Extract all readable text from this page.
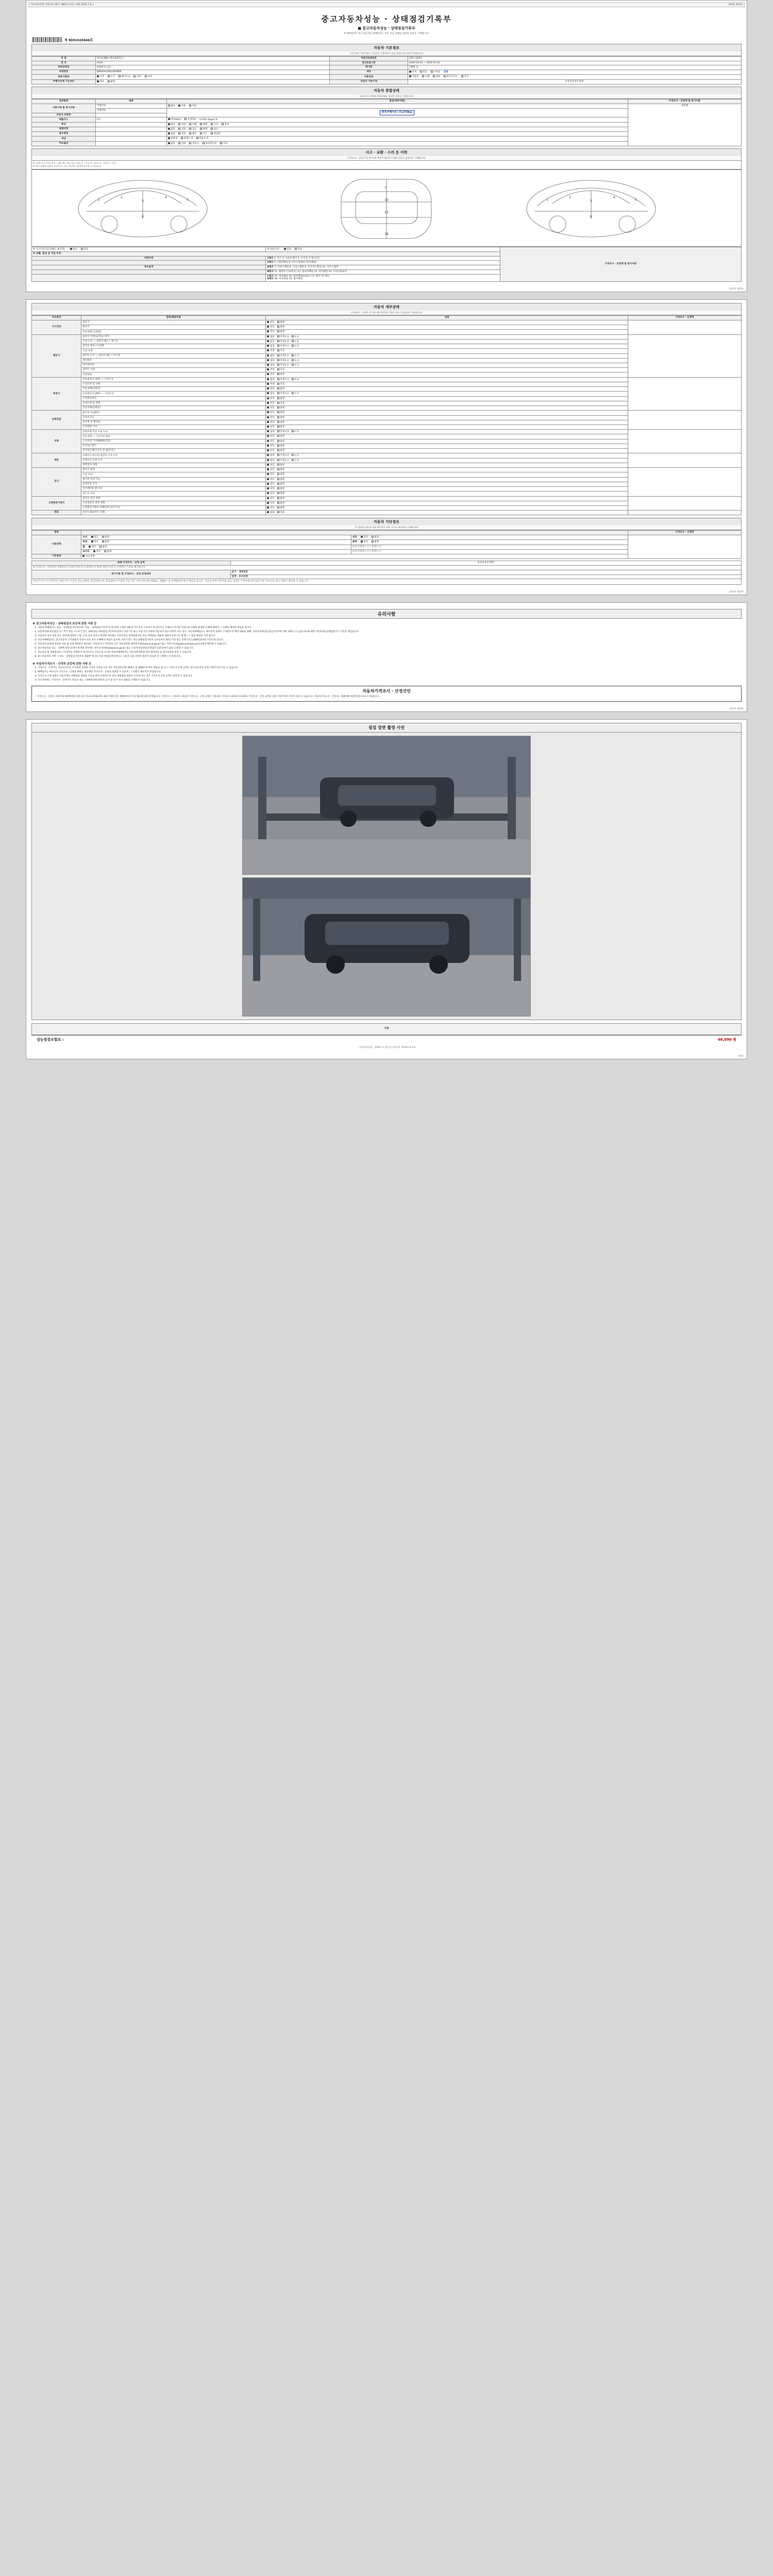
자동차관리법 시행규칙 [별지 제82호서식] <개정 2021.7.6.>	(3쪽중 제1쪽)
중고자동차성능 · 상태점검기록부
■ 중고자동차성능 · 상태점검기록부
※ 매매업자가 중고자동차를 매매하려는 경우 성능·상태를 점검한 내용을 기재합니다.
제 9001020666호
자동차 기본정보
(자동차의 기본사항은 등록증의 기재내용과 점검 내용을 참고하여 작성합니다)
차 명	벤츠E(MB) (벤츠E클래스)	자동차등록번호	292스4901
연 식	2020	검사유효기간	2020-01-01 ~ 2020-01-00
최초등록일	2019-11-22	배기량	1995 cc
차대번호	KMHD41EBLUD09DR	색상	단색 투톤 쓰리톤 검정
변속기종류	자동 수동 세미오토 CVT 기타	사용연료	가솔린 디젤 LPG 하이브리드 전기
주행거리계 기능여부	양호 불량	자동차 기준가격	0 0 0 0 0 0 만원
자동차 종합상태
(점검 당시 차량의 종합상태를 점검한 내용을 기재합니다)
점검항목	내용	점검(세부사항)	가격조사 · 산정액 및 특기사항
사용이력 및 특기사항	주행거리	많음 보통 적음	실주행
	차량정보	현재 주행거리 | 71,575Km	
자동차 등록증			
배출가스	CO	HC(ppm) 측정(%) 0.03% 3ppm %	
튜닝		없음 있음 적법 불법 구조 장치	
특별이력		없음 있음 침수 화재 전손	
용도변경		없음 있음 렌트 리스 영업용	
색상		무변경 전체도색 부분도색	
주요옵션		없음 있음 선루프 내비게이션 기타	
사고 · 교환 · 수리 등 이력
(가격조사 · 산정자 및 제시내용 확인이 확인하기 위한 것으로 점검하여 기재합니다)
※ (상태 표시 부호) ※ X : 교환, W : 판금 또는 용접, C : 부식, A : 흠집, U : 요철, T : 손상
※ 하단 당해표 항목적 기준주의, 기타 자동차는 상태에 추가할 수 있습니다
1
2
3
4
5
6
7
10
13
16
1
2
3
4
5
6
※ 사고이력 (교차/렌트 불포함) 없음 있음	※ 단순수리 없음 있음	가격조사 · 산정액 및 특기사항
※ 교환, 판금 등 이상 부위		
외판부위	1랭크 1. 후드 2. 프론트펜더 3. 도어 4. 트렁크리드	
	2랭크 5. (쿼터패널) 6.사이드실패널 (루프패널)	
주요골격	A랭크 7. 프론트패널 8. 크로스멤버 9. 인사이드패널 10. 사이드멤버	
	B랭크 11. 휠하우스(프론트) 12. 플로어패널 13. 리어패널 14. 트렁크플로어	
	C랭크 15. 대쉬패널 16. 필러패널(A,B,C) 17. 패키지트레이
D랭크 18. 루프패널 19. 필러패널	
(3쪽중 제1쪽)
자동차 세부상태
(가격조사 · 산정자 및 제시내용 확인하기 위한 것으로 점검하여 기재합니다)
주요장치	항목/해당부품	상태	가격조사 · 산정액
자기진단	원동기	양호 불량	
	변속기	양호 불량	
	작동상태 (공회전)	양호 불량	
원동기	실린더 커버(로커암) 커버	없음 미세누유 누유	
	오일 누유 — 실린더 헤드 / 개스킷	없음 미세누유 누유	
	실린더 블록 / 오일팬	없음 미세누유 누유	
	오일 유량	적정 부족	
	냉각수 누수 — 실린더 헤드 / 가스켓	없음 미세누수 누수	
	워터펌프	없음 미세누수 누수	
	라디에이터	없음 미세누수 누수	
	냉각수 수량	적정 부족	
	커먼레일	양호 불량	
변속기	자동변속기 (A/T) — 오일누유	없음 미세누유 누유	
	오일유량 및 상태	적정 부족	
	작동상태(공회전)	양호 불량	
	수동변속기 (M/T) — 오일누유	없음 미세누유 누유	
	기어변속장치	양호 불량	
	오일유량 및 상태	적정 부족	
	작동상태(공회전)	양호 불량	
동력전달	클러치 어셈블리	양호 불량	
	등속조인트	양호 불량	
	추진축 및 베어링	양호 불량	
	디퍼렌셜 기어	양호 불량	
조향	동력조향 작동 오일 누유	없음 미세누유 누유	
	작동상태 — 스티어링 펌프	양호 불량	
	스티어링 기어(MDPS포함)	양호 불량	
	타이로드엔드	양호 불량	
	타이로드/볼조인트 및 롤/조인트	양호 불량	
제동	브레이크 마스터 실린더 오일 누유	없음 미세누유 누유	
	브레이크 오일 누유	없음 미세누유 누유	
	배력장치 상태	양호 불량	
전기	발전기 출력	양호 불량	
	시동 모터	양호 불량	
	와이퍼 모터 기능	양호 불량	
	실내송풍 모터	양호 불량	
	라디에이터 팬 모터	양호 불량	
	윈도우 모터	양호 불량	
고전원전기장치	충전구 절연 상태	양호 불량	
	구동축전지 격리 상태	양호 불량	
	고전원전기배선 상태(피복,보호기구)	양호 불량	
연료	연료누출(LP가스포함)	없음 있음	
자동차 기타정보
(이 항목을 제시한 내용 확인하기 위한 것으로 점검하여 기재합니다)
항목			가격조사 · 산정액
사용상태	유리 양호 불량	내장 양호 불량	
	외관 양호 불량	광택 양호 불량	
	휠 양호 불량	운전석전/좌 | 우 | 후/좌 | 우	
	타이어 양호 불량	운전석전/좌 | 우 | 후/좌 | 우	
기본품목	보유설명		
최종 가격조사 · 산정 금액	0 0 0 0 0 만원
※ 가격조사 · 산정자격 상태정보가 차량가격조사·산정액과 더 당해 차량가격조사·산정액이 기준을 제공합니다	
특기사항 및 가격조사 · 산정 상세내역	감가 · 내재성분
	감액 · 조사산정
본인(가격조사·산정자)은 위와 같이 자동차 성능·상태를 점검하였으며, 점검내용이 사실과 다를 경우 자동차관리법 제58조, 제80조 및 관계법령에 따라 책임을 집니다. 점검일 현재 자동차의 성능·상태를 기재하였으며 점검 이후 자동차의 성능·상태가 변동될 수 있습니다.	
(3쪽중 제2쪽)
유의사항
※ 중고자동차성능 · 상태점검의 보증에 관한 사항 등
1. 자동차 매매업자는 성능 · 상태점검기록부(이하 "성능 · 상태점검기록부"라 한다)에 기재된 내용과 다르거나 고지되지 아니하거나 기재되지 아니한 사항으로 인하여 발생한 손해에 대하여 그 손해를 배상할 책임을 집니다.
2. 자동차상세(성능점검기기 적기 점검 고지서가 있는 상태)성능·상태점검기록부에 따라서 보증기간 또는 보증거리 이내에 자동차의 성능·상태가 다른 경우, 자동차매매업자는 매수인의 피해가 구제되도록 해당 내용을 취해, 자동차상세(성능점검기록부에 대한 내용은 수 있습니다)에 대한 자동차성능상태점검기기 기준을 책임집니다.
3. 자동차의 일부 부품 또는 장치에 대하여 고장, 손상 등의 하자가 발생한 경우에는 자동차성능·상태점검자의 성능·상태점검 내용에 대하여 보증기간 중에는 그 점검 책임을 지게 됩니다.
4. 자동차매매업자는 중고자동차 고지내용과 사실이 다른 경우 손해배상 책임이 있으며, 보증기간은 성능·상태점검기록부 교부일부터 30일 이상 또는 주행거리 2,000킬로미터 이상으로 합니다.
5. 자동차의 운행에 관련한 사항 및 보험개발원이 제공하는 자동차사고 이력정보 등은 자동차민원 대국민포털(www.ecar.go.kr) 또는 카히스토리(www.carhistory.or.kr)에서 확인할 수 있습니다.
6. 중고자동차의 성능 · 상태에 관한 분쟁이 발생할 경우에는 한국소비자원(www.kca.go.kr) 또는 소비자상담센터(국번없이 1372)에 도움을 요청할 수 있습니다.
7. 성능점검 및 상태점검의 고지의무를 이행하지 아니하거나 거짓으로 고지한 자동차매매업자는 자동차관리법에 따라 행정처분 및 형사처벌을 받을 수 있습니다.
8. 중고자동차의 선택 시 성능 · 상태점검기록부의 내용뿐 아니라 직접 차량을 확인하시고 시운전 등을 통하여 충분히 검토한 후 구매하시기 바랍니다.
※ 자동차가격조사 · 산정의 보증에 관한 사항 등
1. 가격조사 · 산정자는 자동차가격을 조사하여 산정한 가격이 사실과 다른 경우 자동차관리법 제58조 및 제80조에 따라 책임을 집니다. 가격조사·산정 금액은 참고자료이며 실제 거래가격과 다를 수 있습니다.
2. 매매업자는 매수인이 가격조사 · 산정을 원하는 경우에만 가격조사 · 산정을 의뢰할 수 있으며, 그 비용은 매수인이 부담합니다.
3. 가격조사·산정 내용은 자동차성능·상태점검 내용을 기초로 하여 산정되므로 성능·상태점검 내용이 사실과 다른 경우 가격조사·산정 금액도 달라질 수 있습니다.
4. 특기사항에는 가격조사 · 산정자가 자동차 성능 · 상태에 대한 판단의 근거 및 감가·가산 내용을 기재할 수 있습니다.
자동차가격조사 · 산정선언
「 가격조사 · 산정은 실제거래 매매계약을 위한 참고자료로 활용되며, 최종 거래가격은 매매당사자 간의 협의에 따라 결정됩니다. 가격조사 · 산정자가 제공한 가격조사 · 산정 금액은 자동차의 가치를 보증하지 아니하며, 가격조사 · 산정 금액과 실제 거래가격이 차이가 있을 수 있습니다. 자동차가격조사 · 산정서는 매매계약 체결에 참고하시기 바랍니다. 」
(3쪽중 제3쪽)
점검 장면 촬영 사진
서명
성능점검보험료 :	46,090 원
『자동차관리법』 제58조 및 같은 법 시행규칙 제120조에 따라
(4쪽)
